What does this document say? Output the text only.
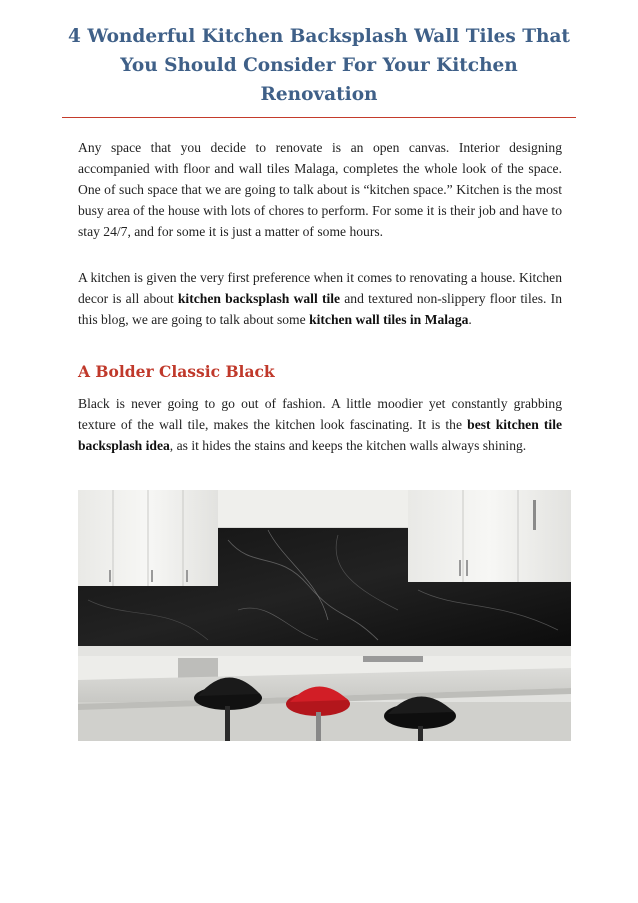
4 Wonderful Kitchen Backsplash Wall Tiles That
You Should Consider For Your Kitchen
Renovation

Any space that you decide to renovate is an open canvas. Interior designing accompanied with floor and wall tiles Malaga, completes the whole look of the space. One of such space that we are going to talk about is “kitchen space.” Kitchen is the most busy area of the house with lots of chores to perform. For some it is their job and have to stay 24/7, and for some it is just a matter of some hours.

A kitchen is given the very first preference when it comes to renovating a house. Kitchen decor is all about kitchen backsplash wall tile and textured non-slippery floor tiles. In this blog, we are going to talk about some kitchen wall tiles in Malaga.

A Bolder Classic Black

Black is never going to go out of fashion. A little moodier yet constantly grabbing texture of the wall tile, makes the kitchen look fascinating. It is the best kitchen tile backsplash idea, as it hides the stains and keeps the kitchen walls always shining.
